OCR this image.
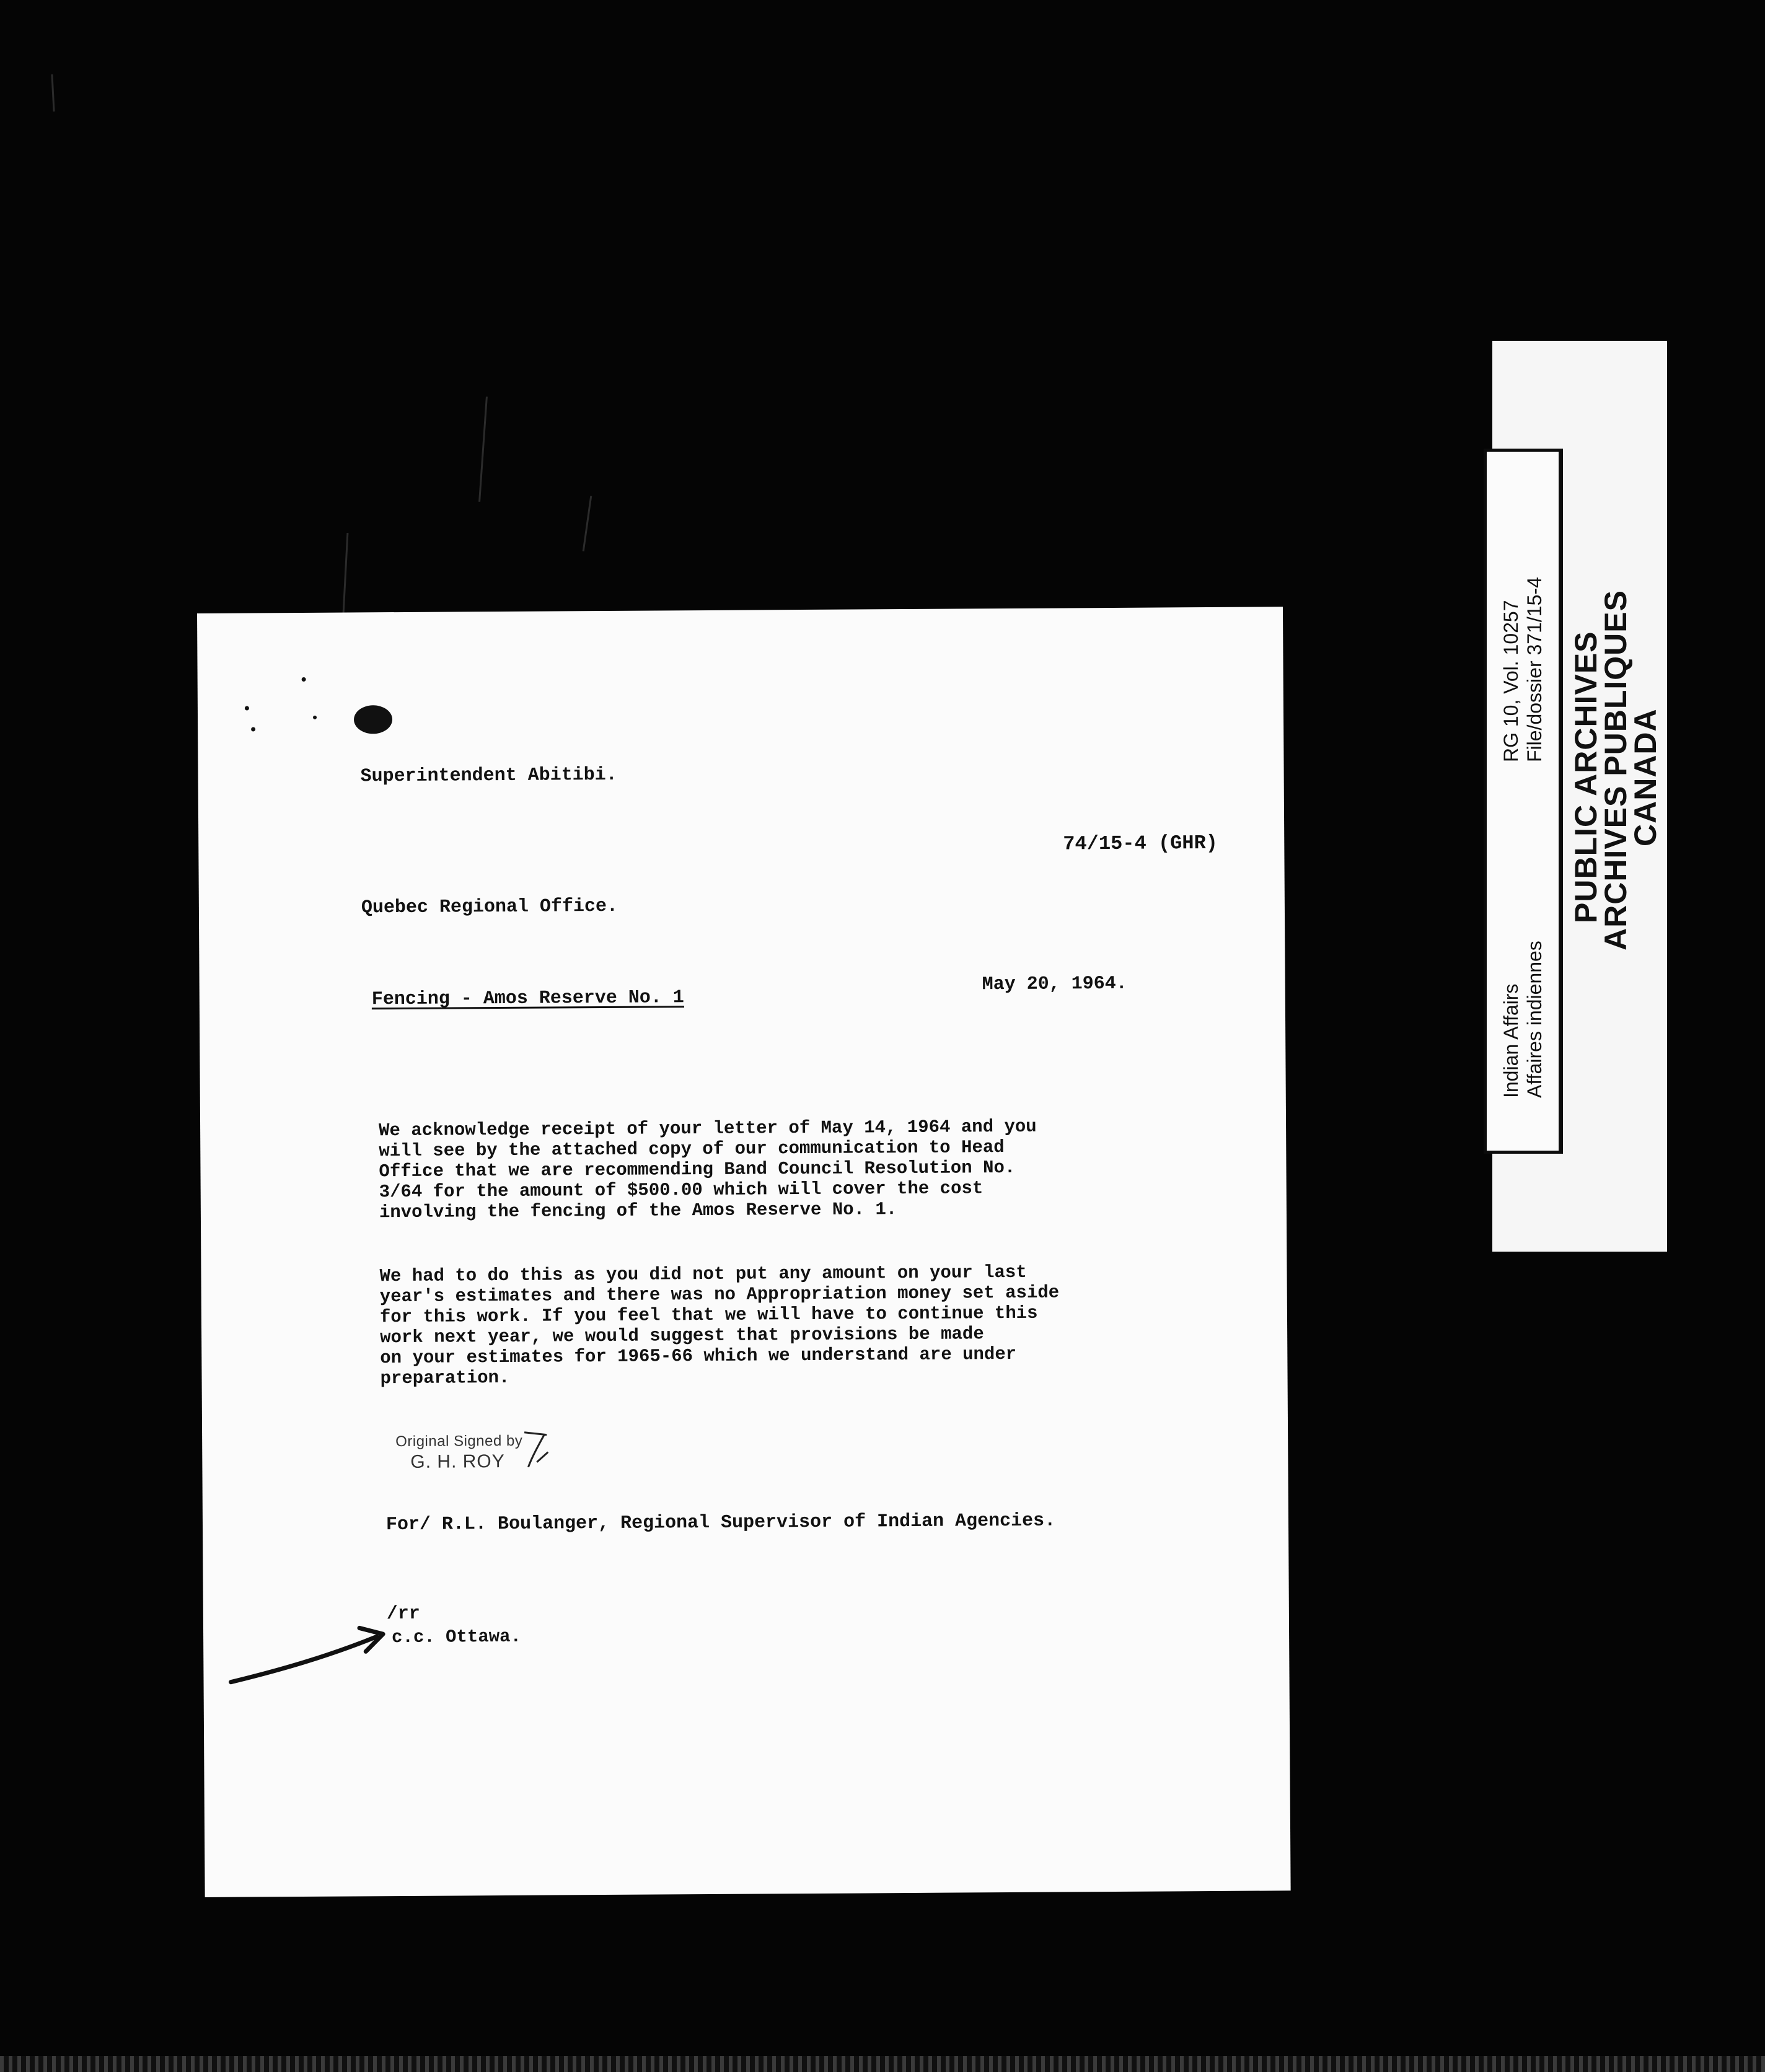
Superintendent Abitibi.
74/15-4 (GHR)
Quebec Regional Office.
Fencing - Amos Reserve No. 1
May 20, 1964.
We acknowledge receipt of your letter of May 14, 1964 and you
will see by the attached copy of our communication to Head
Office that we are recommending Band Council Resolution No.
3/64 for the amount of $500.00 which will cover the cost
involving the fencing of the Amos Reserve No. 1.
We had to do this as you did not put any amount on your last
year's estimates and there was no Appropriation money set aside
for this work. If you feel that we will have to continue this
work next year, we would suggest that provisions be made
on your estimates for 1965-66 which we understand are under
preparation.
Original Signed by
G. H. ROY
For/ R.L. Boulanger, Regional Supervisor of Indian Agencies.
/rr
c.c. Ottawa.
Indian Affairs Affaires indiennes
RG 10, Vol. 10257 File/dossier 371/15-4 PUBLIC ARCHIVES
ARCHIVES PUBLIQUES
CANADA
